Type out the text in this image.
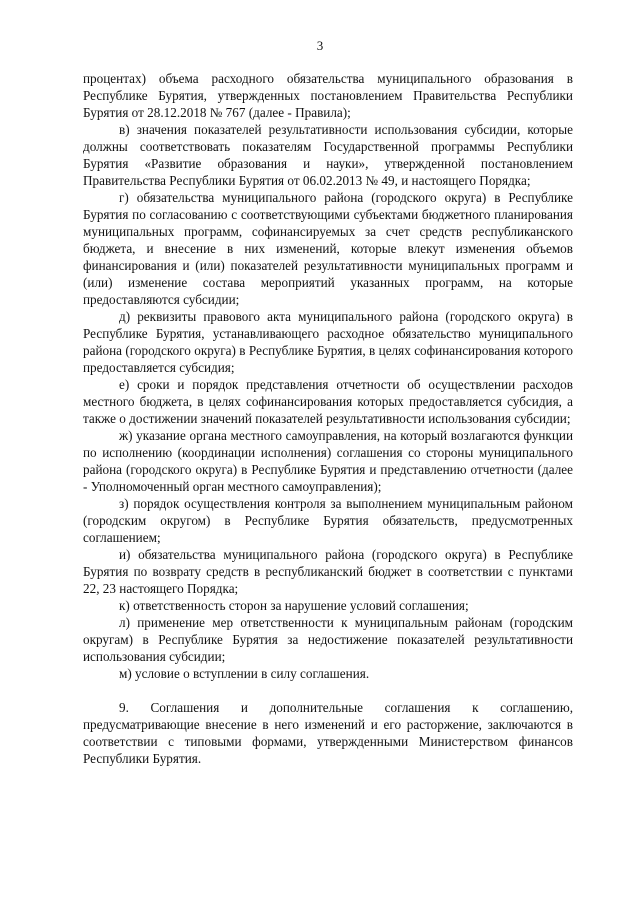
3

процентах) объема расходного обязательства муниципального образования в Республике Бурятия, утвержденных постановлением Правительства Республики Бурятия от 28.12.2018 № 767 (далее - Правила);

в) значения показателей результативности использования субсидии, которые должны соответствовать показателям Государственной программы Республики Бурятия «Развитие образования и науки», утвержденной постановлением Правительства Республики Бурятия от 06.02.2013 № 49, и настоящего Порядка;

г) обязательства муниципального района (городского округа) в Республике Бурятия по согласованию с соответствующими субъектами бюджетного планирования муниципальных программ, софинансируемых за счет средств республиканского бюджета, и внесение в них изменений, которые влекут изменения объемов финансирования и (или) показателей результативности муниципальных программ и (или) изменение состава мероприятий указанных программ, на которые предоставляются субсидии;

д) реквизиты правового акта муниципального района (городского округа) в Республике Бурятия, устанавливающего расходное обязательство муниципального района (городского округа) в Республике Бурятия, в целях софинансирования которого предоставляется субсидия;

е) сроки и порядок представления отчетности об осуществлении расходов местного бюджета, в целях софинансирования которых предоставляется субсидия, а также о достижении значений показателей результативности использования субсидии;

ж) указание органа местного самоуправления, на который возлагаются функции по исполнению (координации исполнения) соглашения со стороны муниципального района (городского округа) в Республике Бурятия и представлению отчетности (далее - Уполномоченный орган местного самоуправления);

з) порядок осуществления контроля за выполнением муниципальным районом (городским округом) в Республике Бурятия обязательств, предусмотренных соглашением;

и) обязательства муниципального района (городского округа) в Республике Бурятия по возврату средств в республиканский бюджет в соответствии с пунктами 22, 23 настоящего Порядка;

к) ответственность сторон за нарушение условий соглашения;

л) применение мер ответственности к муниципальным районам (городским округам) в Республике Бурятия за недостижение показателей результативности использования субсидии;

м) условие о вступлении в силу соглашения.

9. Соглашения и дополнительные соглашения к соглашению, предусматривающие внесение в него изменений и его расторжение, заключаются в соответствии с типовыми формами, утвержденными Министерством финансов Республики Бурятия.
